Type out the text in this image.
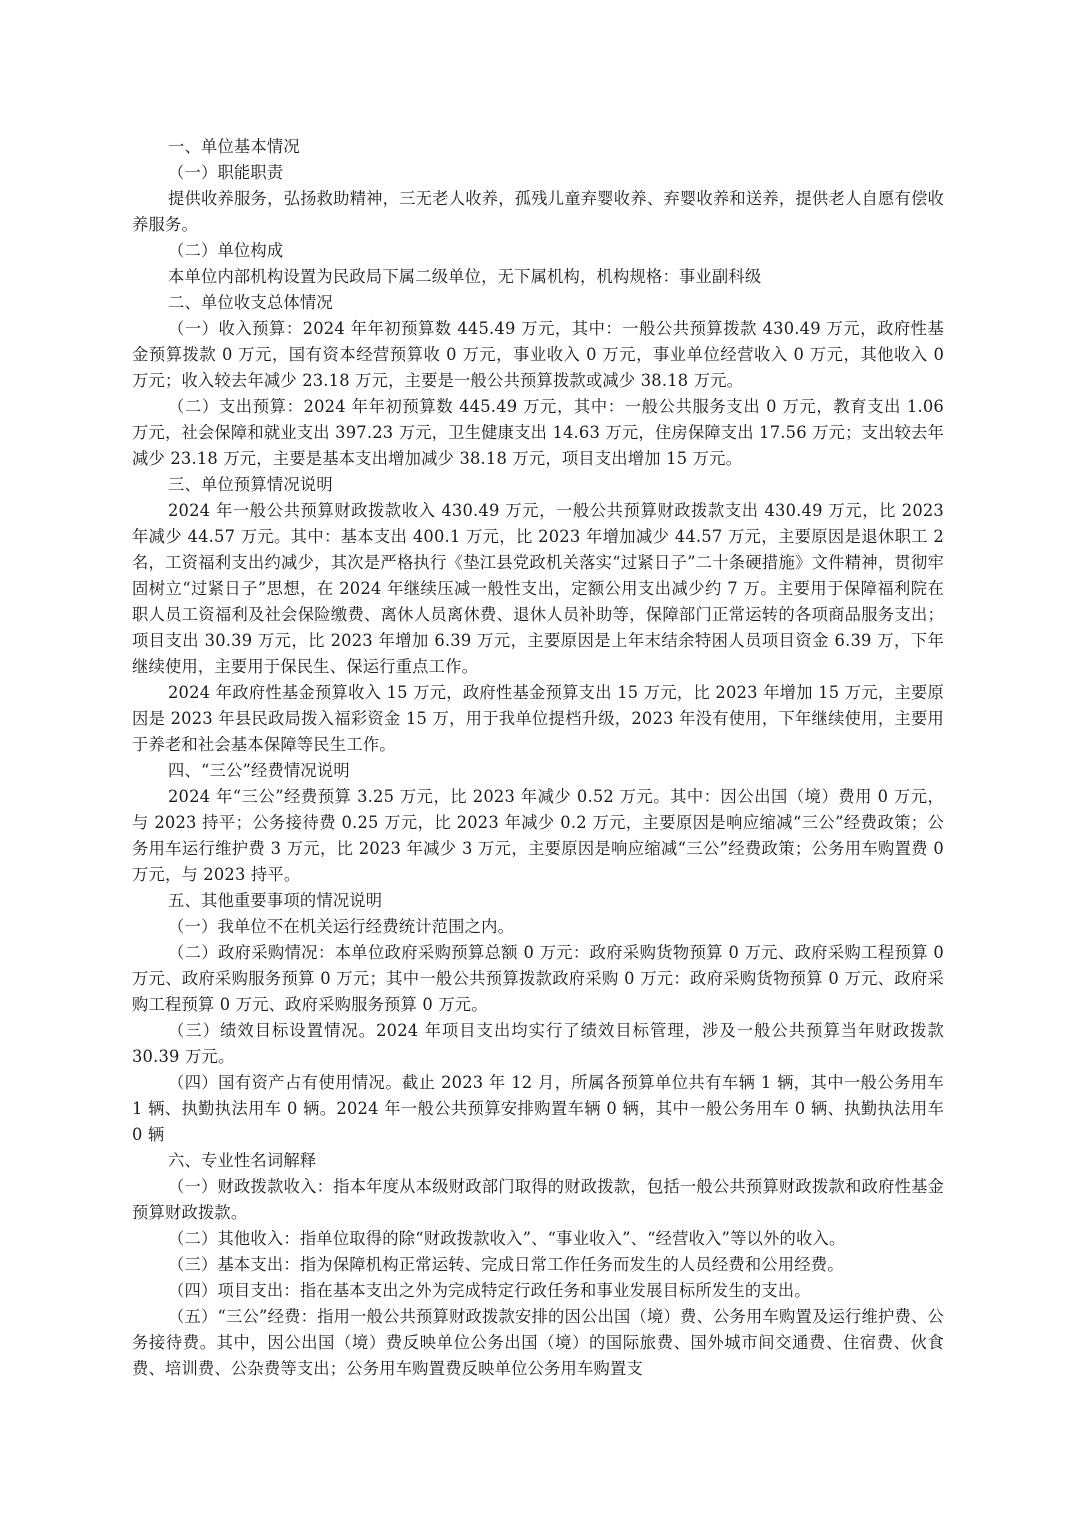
一、单位基本情况

（一）职能职责

提供收养服务，弘扬救助精神，三无老人收养，孤残儿童弃婴收养、弃婴收养和送养，提供老人自愿有偿收养服务。

（二）单位构成

本单位内部机构设置为民政局下属二级单位，无下属机构，机构规格：事业副科级

二、单位收支总体情况

（一）收入预算：2024 年年初预算数 445.49 万元，其中：一般公共预算拨款 430.49 万元，政府性基金预算拨款 0 万元，国有资本经营预算收 0 万元，事业收入 0 万元，事业单位经营收入 0 万元，其他收入 0 万元；收入较去年减少 23.18 万元，主要是一般公共预算拨款或减少 38.18 万元。

（二）支出预算：2024 年年初预算数 445.49 万元，其中：一般公共服务支出 0 万元，教育支出 1.06 万元，社会保障和就业支出 397.23 万元，卫生健康支出 14.63 万元，住房保障支出 17.56 万元；支出较去年减少 23.18 万元，主要是基本支出增加减少 38.18 万元，项目支出增加 15 万元。

三、单位预算情况说明

2024 年一般公共预算财政拨款收入 430.49 万元，一般公共预算财政拨款支出 430.49 万元，比 2023 年减少 44.57 万元。其中：基本支出 400.1 万元，比 2023 年增加减少 44.57 万元，主要原因是退休职工 2 名，工资福利支出约减少，其次是严格执行《垫江县党政机关落实“过紧日子”二十条硬措施》文件精神，贯彻牢固树立“过紧日子”思想，在 2024 年继续压减一般性支出，定额公用支出减少约 7 万。主要用于保障福利院在职人员工资福利及社会保险缴费、离休人员离休费、退休人员补助等，保障部门正常运转的各项商品服务支出；项目支出 30.39 万元，比 2023 年增加 6.39 万元，主要原因是上年末结余特困人员项目资金 6.39 万，下年继续使用，主要用于保民生、保运行重点工作。

2024 年政府性基金预算收入 15 万元，政府性基金预算支出 15 万元，比 2023 年增加 15 万元，主要原因是 2023 年县民政局拨入福彩资金 15 万，用于我单位提档升级，2023 年没有使用，下年继续使用，主要用于养老和社会基本保障等民生工作。

四、“三公”经费情况说明

2024 年“三公”经费预算 3.25 万元，比 2023 年减少 0.52 万元。其中：因公出国（境）费用 0 万元，与 2023 持平；公务接待费 0.25 万元，比 2023 年减少 0.2 万元，主要原因是响应缩减“三公”经费政策；公务用车运行维护费 3 万元，比 2023 年减少 3 万元，主要原因是响应缩减“三公”经费政策；公务用车购置费 0 万元，与 2023 持平。

五、其他重要事项的情况说明

（一）我单位不在机关运行经费统计范围之内。

（二）政府采购情况：本单位政府采购预算总额 0 万元：政府采购货物预算 0 万元、政府采购工程预算 0 万元、政府采购服务预算 0 万元；其中一般公共预算拨款政府采购 0 万元：政府采购货物预算 0 万元、政府采购工程预算 0 万元、政府采购服务预算 0 万元。

（三）绩效目标设置情况。2024 年项目支出均实行了绩效目标管理，涉及一般公共预算当年财政拨款 30.39 万元。

（四）国有资产占有使用情况。截止 2023 年 12 月，所属各预算单位共有车辆 1 辆，其中一般公务用车 1 辆、执勤执法用车 0 辆。2024 年一般公共预算安排购置车辆 0 辆，其中一般公务用车 0 辆、执勤执法用车 0 辆

六、专业性名词解释

（一）财政拨款收入：指本年度从本级财政部门取得的财政拨款，包括一般公共预算财政拨款和政府性基金预算财政拨款。

（二）其他收入：指单位取得的除“财政拨款收入”、“事业收入”、“经营收入”等以外的收入。

（三）基本支出：指为保障机构正常运转、完成日常工作任务而发生的人员经费和公用经费。

（四）项目支出：指在基本支出之外为完成特定行政任务和事业发展目标所发生的支出。

（五）“三公”经费：指用一般公共预算财政拨款安排的因公出国（境）费、公务用车购置及运行维护费、公务接待费。其中，因公出国（境）费反映单位公务出国（境）的国际旅费、国外城市间交通费、住宿费、伙食费、培训费、公杂费等支出；公务用车购置费反映单位公务用车购置支
